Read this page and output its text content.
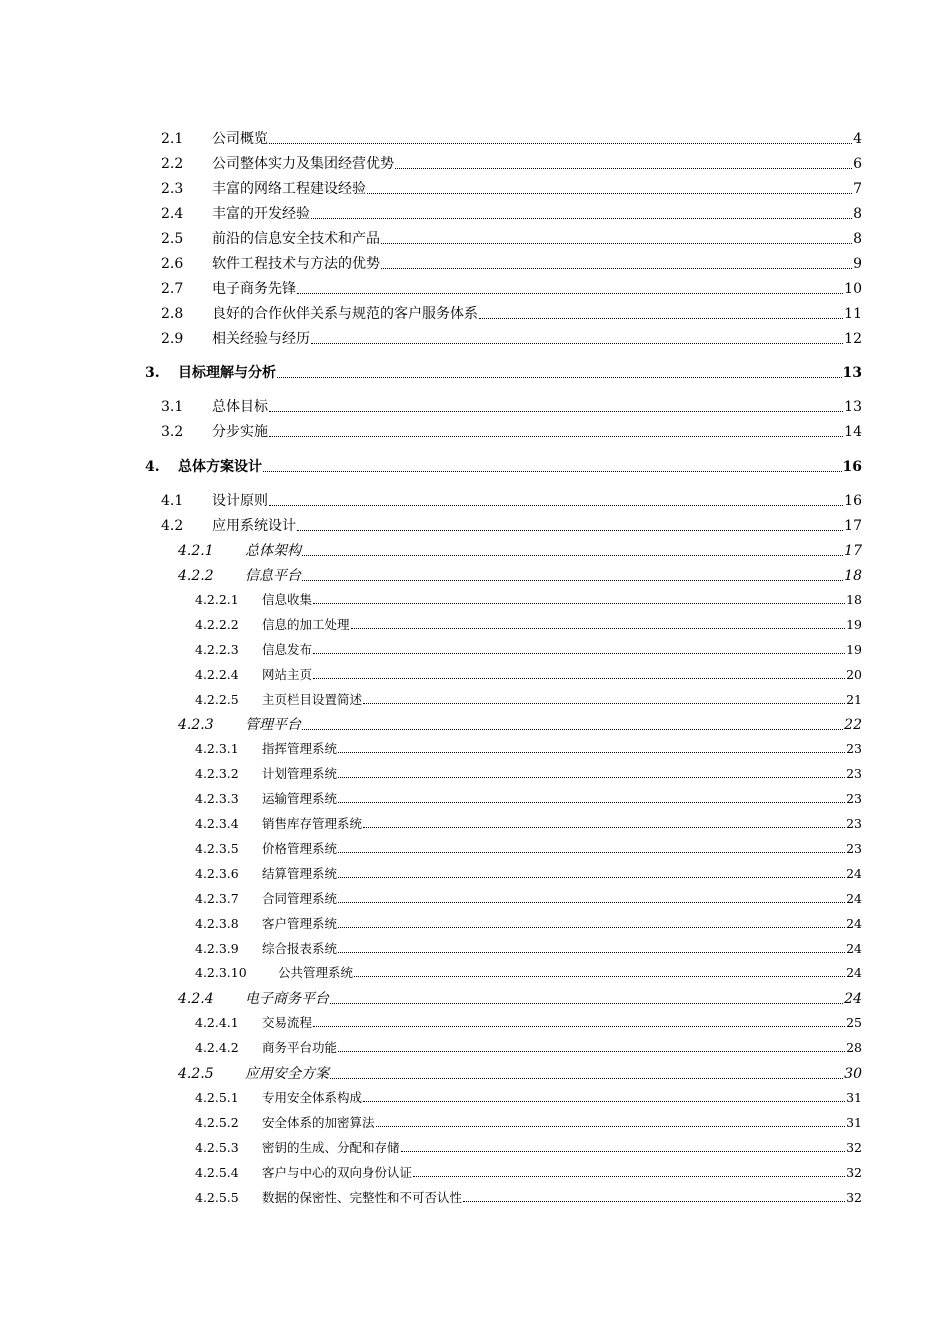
2.1	公司概览	4
2.2	公司整体实力及集团经营优势	6
2.3	丰富的网络工程建设经验	7
2.4	丰富的开发经验	8
2.5	前沿的信息安全技术和产品	8
2.6	软件工程技术与方法的优势	9
2.7	电子商务先锋	10
2.8	良好的合作伙伴关系与规范的客户服务体系	11
2.9	相关经验与经历	12
3.	目标理解与分析	13
3.1	总体目标	13
3.2	分步实施	14
4.	总体方案设计	16
4.1	设计原则	16
4.2	应用系统设计	17
4.2.1	总体架构	17
4.2.2	信息平台	18
4.2.2.1	信息收集	18
4.2.2.2	信息的加工处理	19
4.2.2.3	信息发布	19
4.2.2.4	网站主页	20
4.2.2.5	主页栏目设置简述	21
4.2.3	管理平台	22
4.2.3.1	指挥管理系统	23
4.2.3.2	计划管理系统	23
4.2.3.3	运输管理系统	23
4.2.3.4	销售库存管理系统	23
4.2.3.5	价格管理系统	23
4.2.3.6	结算管理系统	24
4.2.3.7	合同管理系统	24
4.2.3.8	客户管理系统	24
4.2.3.9	综合报表系统	24
4.2.3.10	公共管理系统	24
4.2.4	电子商务平台	24
4.2.4.1	交易流程	25
4.2.4.2	商务平台功能	28
4.2.5	应用安全方案	30
4.2.5.1	专用安全体系构成	31
4.2.5.2	安全体系的加密算法	31
4.2.5.3	密钥的生成、分配和存储	32
4.2.5.4	客户与中心的双向身份认证	32
4.2.5.5	数据的保密性、完整性和不可否认性	32
